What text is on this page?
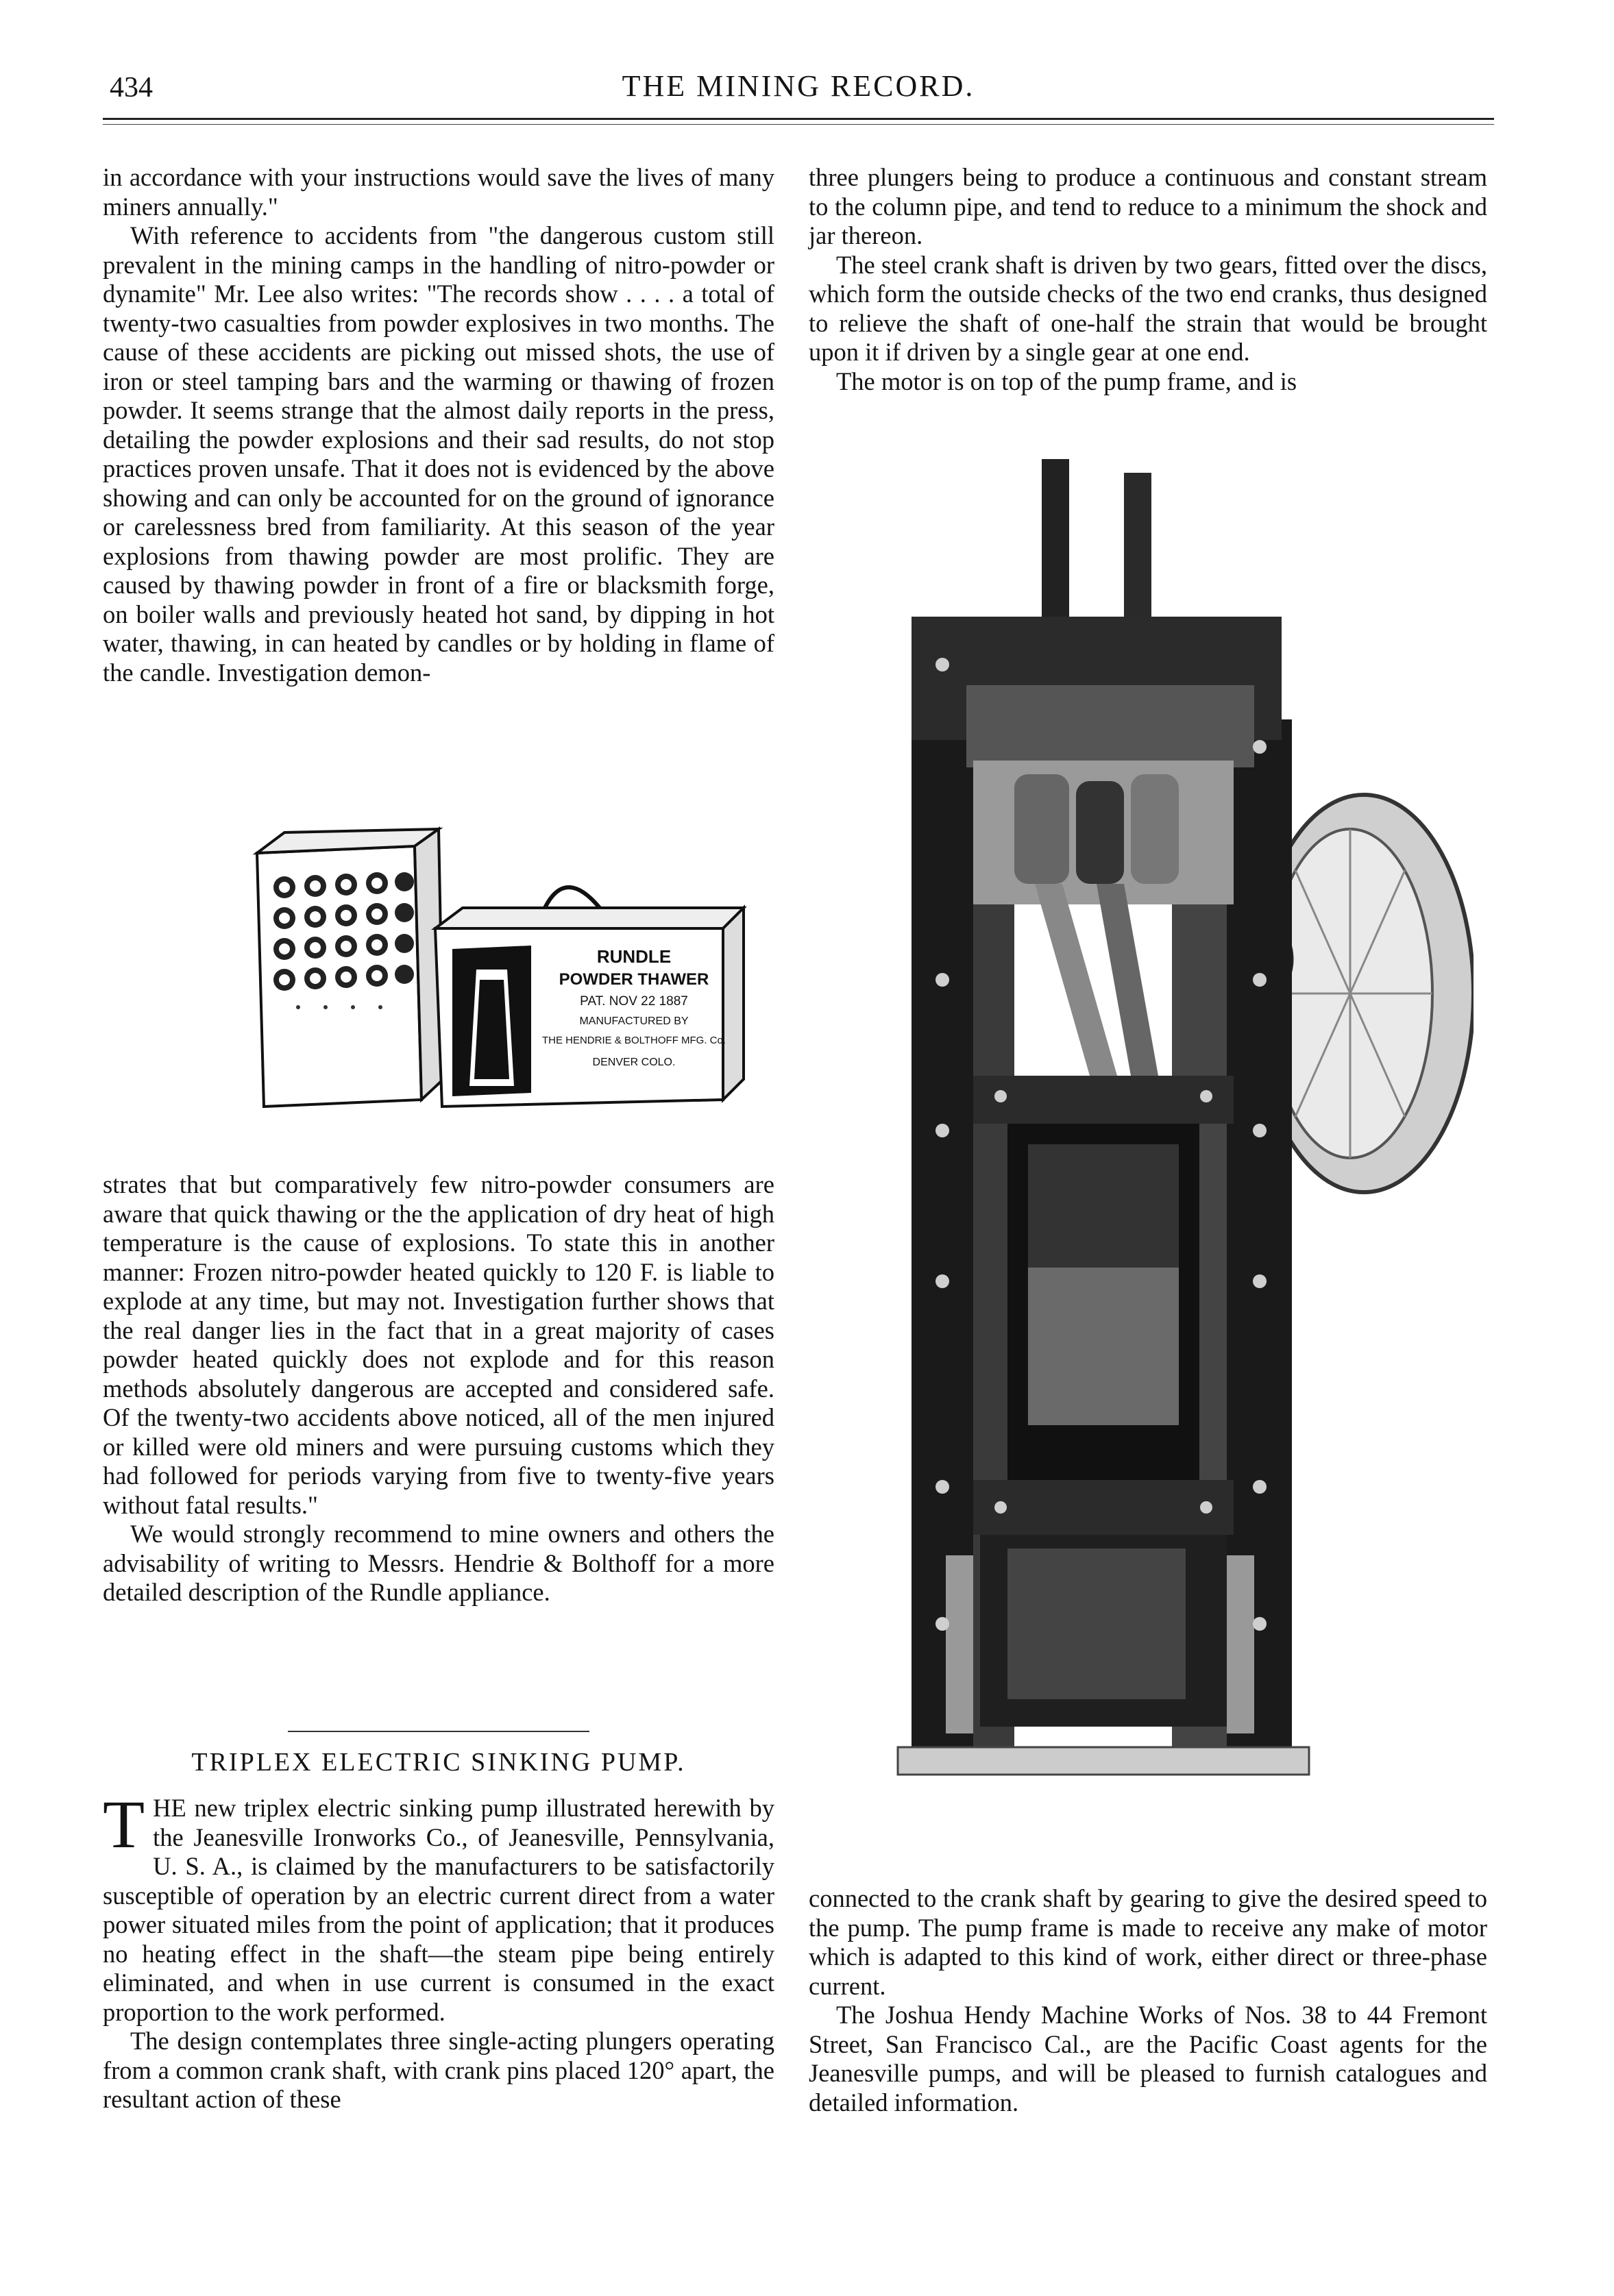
434	THE MINING RECORD.

in accordance with your instructions would save the lives of many miners annually."

With reference to accidents from "the dangerous custom still prevalent in the mining camps in the handling of nitro-powder or dynamite" Mr. Lee also writes: "The records show . . . . a total of twenty-two casualties from powder explosives in two months. The cause of these accidents are picking out missed shots, the use of iron or steel tamping bars and the warming or thawing of frozen powder. It seems strange that the almost daily reports in the press, detailing the powder explosions and their sad results, do not stop practices proven unsafe. That it does not is evidenced by the above showing and can only be accounted for on the ground of ignorance or carelessness bred from familiarity. At this season of the year explosions from thawing powder are most prolific. They are caused by thawing powder in front of a fire or blacksmith forge, on boiler walls and previously heated hot sand, by dipping in hot water, thawing, in can heated by candles or by holding in flame of the candle. Investigation demon-

RUNDLE
POWDER THAWER
PAT. NOV 22 1887
MANUFACTURED BY
THE HENDRIE & BOLTHOFF MFG. Co.
DENVER COLO.

strates that but comparatively few nitro-powder consumers are aware that quick thawing or the the application of dry heat of high temperature is the cause of explosions. To state this in another manner: Frozen nitro-powder heated quickly to 120 F. is liable to explode at any time, but may not. Investigation further shows that the real danger lies in the fact that in a great majority of cases powder heated quickly does not explode and for this reason methods absolutely dangerous are accepted and considered safe. Of the twenty-two accidents above noticed, all of the men injured or killed were old miners and were pursuing customs which they had followed for periods varying from five to twenty-five years without fatal results."

We would strongly recommend to mine owners and others the advisability of writing to Messrs. Hendrie & Bolthoff for a more detailed description of the Rundle appliance.

TRIPLEX ELECTRIC SINKING PUMP.

THE new triplex electric sinking pump illustrated herewith by the Jeanesville Ironworks Co., of Jeanesville, Pennsylvania, U. S. A., is claimed by the manufacturers to be satisfactorily susceptible of operation by an electric current direct from a water power situated miles from the point of application; that it produces no heating effect in the shaft—the steam pipe being entirely eliminated, and when in use current is consumed in the exact proportion to the work performed.

The design contemplates three single-acting plungers operating from a common crank shaft, with crank pins placed 120° apart, the resultant action of these

three plungers being to produce a continuous and constant stream to the column pipe, and tend to reduce to a minimum the shock and jar thereon.

The steel crank shaft is driven by two gears, fitted over the discs, which form the outside checks of the two end cranks, thus designed to relieve the shaft of one-half the strain that would be brought upon it if driven by a single gear at one end.

The motor is on top of the pump frame, and is

connected to the crank shaft by gearing to give the desired speed to the pump. The pump frame is made to receive any make of motor which is adapted to this kind of work, either direct or three-phase current.

The Joshua Hendy Machine Works of Nos. 38 to 44 Fremont Street, San Francisco Cal., are the Pacific Coast agents for the Jeanesville pumps, and will be pleased to furnish catalogues and detailed information.
